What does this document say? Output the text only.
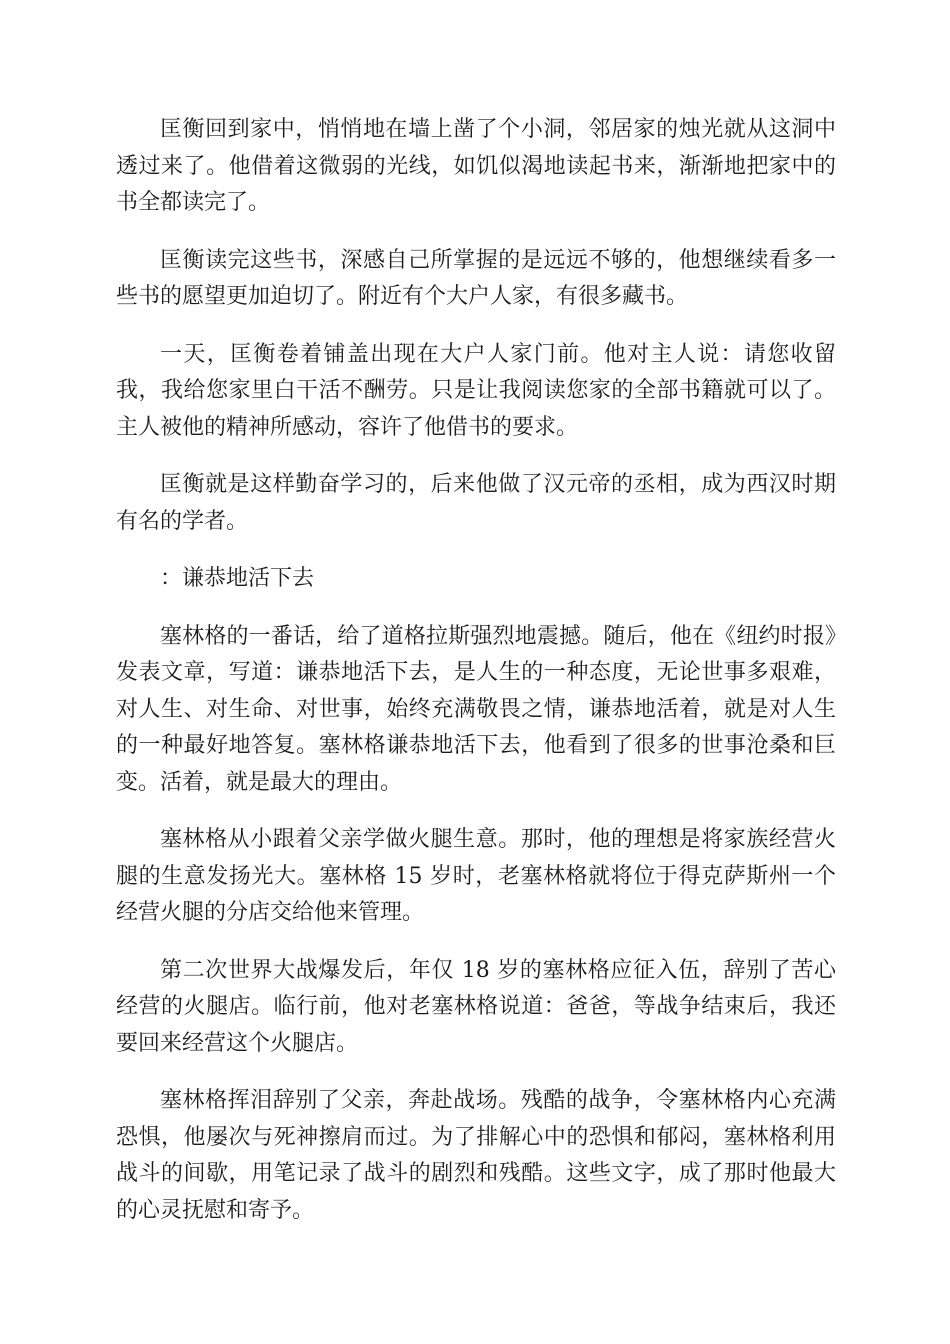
匡衡回到家中，悄悄地在墙上凿了个小洞，邻居家的烛光就从这洞中透过来了。他借着这微弱的光线，如饥似渴地读起书来，渐渐地把家中的书全都读完了。

匡衡读完这些书，深感自己所掌握的是远远不够的，他想继续看多一些书的愿望更加迫切了。附近有个大户人家，有很多藏书。

一天，匡衡卷着铺盖出现在大户人家门前。他对主人说：请您收留我，我给您家里白干活不酬劳。只是让我阅读您家的全部书籍就可以了。主人被他的精神所感动，容许了他借书的要求。

匡衡就是这样勤奋学习的，后来他做了汉元帝的丞相，成为西汉时期有名的学者。

：谦恭地活下去

塞林格的一番话，给了道格拉斯强烈地震撼。随后，他在《纽约时报》发表文章，写道：谦恭地活下去，是人生的一种态度，无论世事多艰难，对人生、对生命、对世事，始终充满敬畏之情，谦恭地活着，就是对人生的一种最好地答复。塞林格谦恭地活下去，他看到了很多的世事沧桑和巨变。活着，就是最大的理由。

塞林格从小跟着父亲学做火腿生意。那时，他的理想是将家族经营火腿的生意发扬光大。塞林格 15 岁时，老塞林格就将位于得克萨斯州一个经营火腿的分店交给他来管理。

第二次世界大战爆发后，年仅 18 岁的塞林格应征入伍，辞别了苦心经营的火腿店。临行前，他对老塞林格说道：爸爸，等战争结束后，我还要回来经营这个火腿店。

塞林格挥泪辞别了父亲，奔赴战场。残酷的战争，令塞林格内心充满恐惧，他屡次与死神擦肩而过。为了排解心中的恐惧和郁闷，塞林格利用战斗的间歇，用笔记录了战斗的剧烈和残酷。这些文字，成了那时他最大的心灵抚慰和寄予。
